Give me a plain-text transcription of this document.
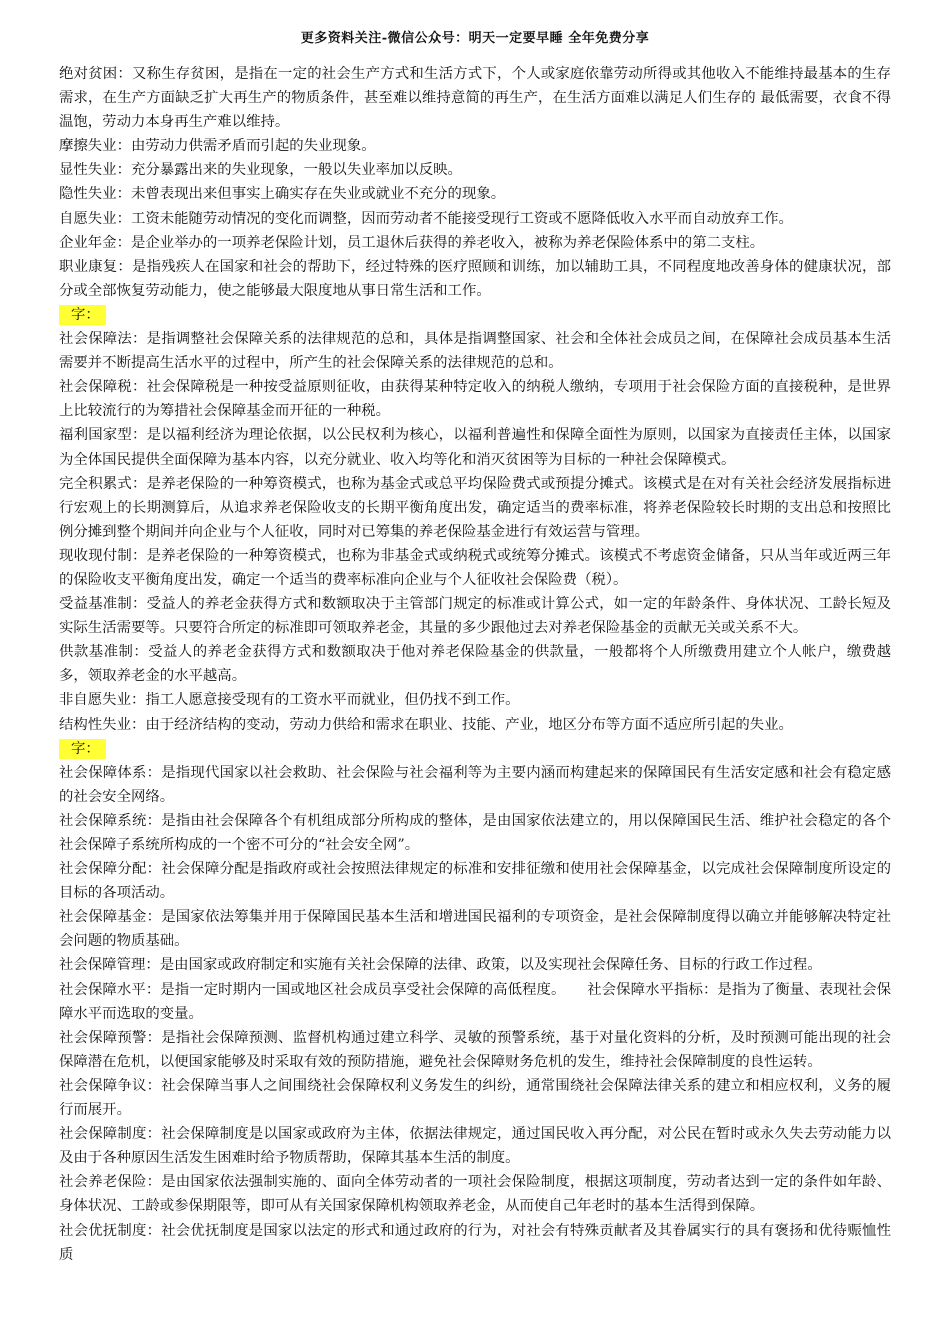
更多资料关注-微信公众号：明天一定要早睡 全年免费分享
绝对贫困：又称生存贫困，是指在一定的社会生产方式和生活方式下，个人或家庭依靠劳动所得或其他收入不能维持最基本的生存需求，在生产方面缺乏扩大再生产的物质条件，甚至难以维持意简的再生产，在生活方面难以满足人们生存的 最低需要，衣食不得温饱，劳动力本身再生产难以维持。
摩擦失业：由劳动力供需矛盾而引起的失业现象。
显性失业：充分暴露出来的失业现象，一般以失业率加以反映。
隐性失业：未曾表现出来但事实上确实存在失业或就业不充分的现象。
自愿失业：工资未能随劳动情况的变化而调整，因而劳动者不能接受现行工资或不愿降低收入水平而自动放弃工作。
企业年金：是企业举办的一项养老保险计划，员工退休后获得的养老收入，被称为养老保险体系中的第二支柱。
职业康复：是指残疾人在国家和社会的帮助下，经过特殊的医疗照顾和训练，加以辅助工具，不同程度地改善身体的健康状况，部分或全部恢复劳动能力，使之能够最大限度地从事日常生活和工作。
字：
社会保障法：是指调整社会保障关系的法律规范的总和，具体是指调整国家、社会和全体社会成员之间，在保障社会成员基本生活需要并不断提高生活水平的过程中，所产生的社会保障关系的法律规范的总和。
社会保障税：社会保障税是一种按受益原则征收，由获得某种特定收入的纳税人缴纳，专项用于社会保险方面的直接税种，是世界上比较流行的为筹措社会保障基金而开征的一种税。
福利国家型：是以福利经济为理论依据，以公民权利为核心，以福利普遍性和保障全面性为原则，以国家为直接责任主体，以国家为全体国民提供全面保障为基本内容，以充分就业、收入均等化和消灭贫困等为目标的一种社会保障模式。
完全积累式：是养老保险的一种筹资模式，也称为基金式或总平均保险费式或预提分摊式。该模式是在对有关社会经济发展指标进行宏观上的长期测算后，从追求养老保险收支的长期平衡角度出发，确定适当的费率标准，将养老保险较长时期的支出总和按照比例分摊到整个期间并向企业与个人征收，同时对已筹集的养老保险基金进行有效运营与管理。
现收现付制：是养老保险的一种筹资模式，也称为非基金式或纳税式或统筹分摊式。该模式不考虑资金储备，只从当年或近两三年的保险收支平衡角度出发，确定一个适当的费率标准向企业与个人征收社会保险费（税）。
受益基准制：受益人的养老金获得方式和数额取决于主管部门规定的标准或计算公式，如一定的年龄条件、身体状况、工龄长短及实际生活需要等。只要符合所定的标准即可领取养老金，其量的多少跟他过去对养老保险基金的贡献无关或关系不大。
供款基准制：受益人的养老金获得方式和数额取决于他对养老保险基金的供款量，一般都将个人所缴费用建立个人帐户，缴费越多，领取养老金的水平越高。
非自愿失业：指工人愿意接受现有的工资水平而就业，但仍找不到工作。
结构性失业：由于经济结构的变动，劳动力供给和需求在职业、技能、产业，地区分布等方面不适应所引起的失业。
字：
社会保障体系：是指现代国家以社会救助、社会保险与社会福利等为主要内涵而构建起来的保障国民有生活安定感和社会有稳定感的社会安全网络。
社会保障系统：是指由社会保障各个有机组成部分所构成的整体，是由国家依法建立的，用以保障国民生活、维护社会稳定的各个社会保障子系统所构成的一个密不可分的“社会安全网”。
社会保障分配：社会保障分配是指政府或社会按照法律规定的标准和安排征缴和使用社会保障基金，以完成社会保障制度所设定的目标的各项活动。
社会保障基金：是国家依法筹集并用于保障国民基本生活和增进国民福利的专项资金，是社会保障制度得以确立并能够解决特定社会问题的物质基础。
社会保障管理：是由国家或政府制定和实施有关社会保障的法律、政策，以及实现社会保障任务、目标的行政工作过程。
社会保障水平：是指一定时期内一国或地区社会成员享受社会保障的高低程度。　　社会保障水平指标：是指为了衡量、表现社会保障水平而选取的变量。
社会保障预警：是指社会保障预测、监督机构通过建立科学、灵敏的预警系统，基于对量化资料的分析，及时预测可能出现的社会保障潜在危机，以便国家能够及时采取有效的预防措施，避免社会保障财务危机的发生，维持社会保障制度的良性运转。
社会保障争议：社会保障当事人之间围绕社会保障权利义务发生的纠纷，通常围绕社会保障法律关系的建立和相应权利，义务的履行而展开。
社会保障制度：社会保障制度是以国家或政府为主体，依据法律规定，通过国民收入再分配，对公民在暂时或永久失去劳动能力以及由于各种原因生活发生困难时给予物质帮助，保障其基本生活的制度。
社会养老保险：是由国家依法强制实施的、面向全体劳动者的一项社会保险制度，根据这项制度，劳动者达到一定的条件如年龄、身体状况、工龄或参保期限等，即可从有关国家保障机构领取养老金，从而使自己年老时的基本生活得到保障。
社会优抚制度：社会优抚制度是国家以法定的形式和通过政府的行为，对社会有特殊贡献者及其眷属实行的具有褒扬和优待赈恤性质
